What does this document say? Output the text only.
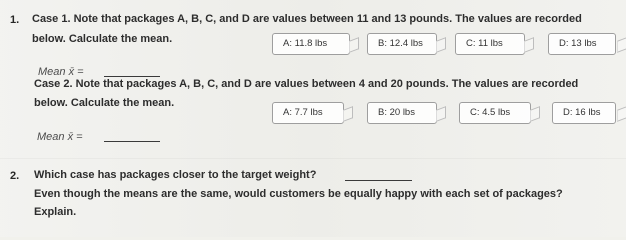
1. Case 1. Note that packages A, B, C, and D are values between 11 and 13 pounds. The values are recorded
below. Calculate the mean.	A: 11.8 lbs	B: 12.4 lbs	C: 11 lbs	D: 13 lbs
Mean x̄ =
Case 2. Note that packages A, B, C, and D are values between 4 and 20 pounds. The values are recorded
below. Calculate the mean.
A: 7.7 lbs	B: 20 lbs	C: 4.5 lbs	D: 16 lbs
Mean x̄ =
2. Which case has packages closer to the target weight?
Even though the means are the same, would customers be equally happy with each set of packages?
Explain.
